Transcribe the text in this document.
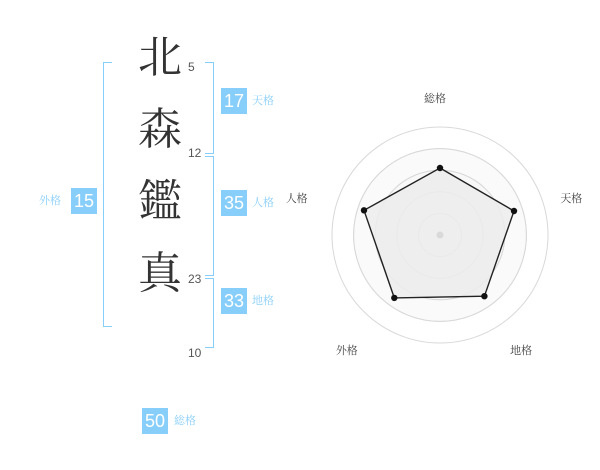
北
森
鑑
真
5
12
23
10
17 天格
35 人格
33 地格
15
外格
50 総格
総格
天格
地格
外格
人格
